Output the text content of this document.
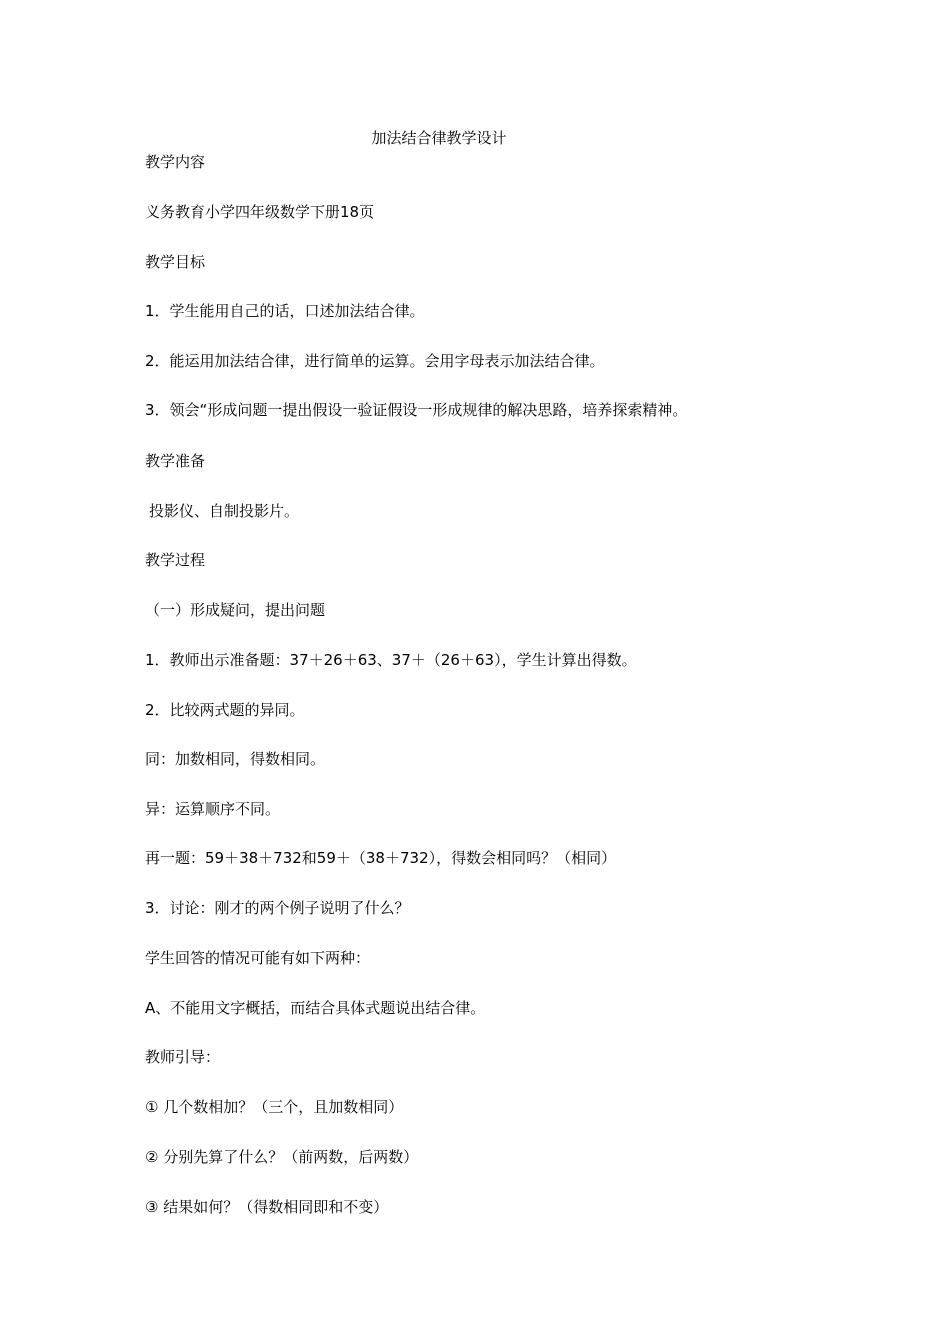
加法结合律教学设计
教学内容
义务教育小学四年级数学下册18页
教学目标
1．学生能用自己的话，口述加法结合律。
2．能运用加法结合律，进行简单的运算。会用字母表示加法结合律。
3．领会“形成问题一提出假设一验证假设一形成规律的解决思路，培养探索精神。
教学准备
投影仪、自制投影片。
教学过程
（一）形成疑问，提出问题
1．教师出示准备题：37＋26＋63、37＋（26＋63），学生计算出得数。
2．比较两式题的异同。
同：加数相同，得数相同。
异：运算顺序不同。
再一题：59＋38＋732和59＋（38＋732），得数会相同吗？（相同）
3．讨论：刚才的两个例子说明了什么？
学生回答的情况可能有如下两种：
A、不能用文字概括，而结合具体式题说出结合律。
教师引导：
① 几个数相加？（三个，且加数相同）
② 分别先算了什么？（前两数，后两数）
③ 结果如何？（得数相同即和不变）
